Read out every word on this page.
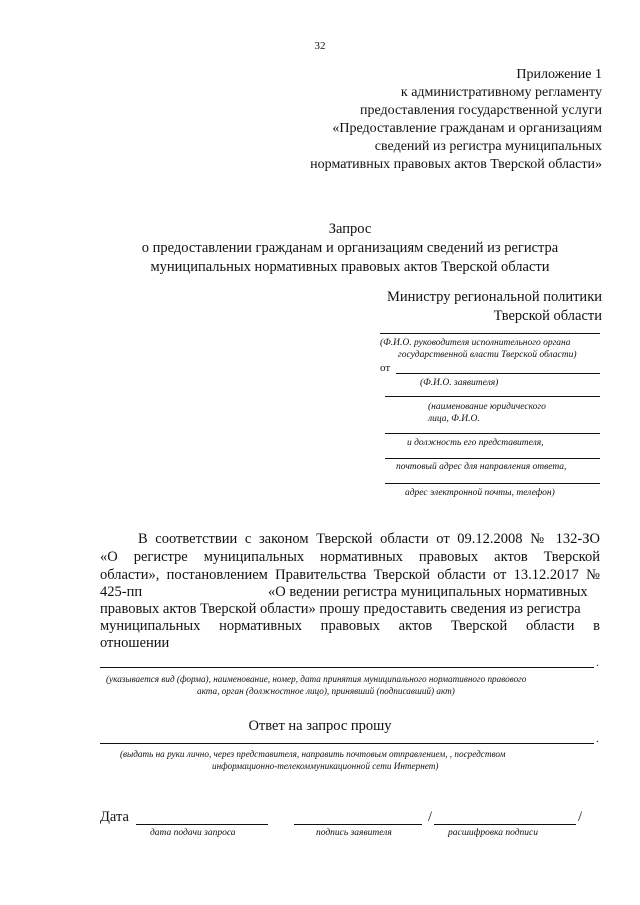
32
Приложение 1
к административному регламенту
предоставления государственной услуги
«Предоставление гражданам и организациям
сведений из регистра муниципальных
нормативных правовых актов Тверской области»
Запрос
о предоставлении гражданам и организациям сведений из регистра
муниципальных нормативных правовых актов Тверской области
Министру региональной политики
Тверской области
(Ф.И.О. руководителя исполнительного органа
государственной власти Тверской области)
от
(Ф.И.О. заявителя)
(наименование юридического
лица, Ф.И.О.
и должность его представителя,
почтовый адрес для направления ответа,
адрес электронной почты, телефон)
В соответствии с законом Тверской области от 09.12.2008 № 132-ЗО
«О регистре муниципальных нормативных правовых актов Тверской
области», постановлением Правительства Тверской области от 13.12.2017 №
425-пп	«О ведении регистра муниципальных нормативных
правовых актов Тверской области» прошу предоставить сведения из регистра
муниципальных нормативных правовых актов Тверской области в
отношении
.
(указывается вид (форма), наименование, номер, дата принятия муниципального нормативного правового
акта, орган (должностное лицо), принявший (подписавший) акт)
Ответ на запрос прошу
.
(выдать на руки лично, через представителя, направить почтовым отправлением, , посредством
информационно-телекоммуникационной сети Интернет)
Дата
дата подачи запроса	подпись заявителя
/	/
расшифровка подписи
